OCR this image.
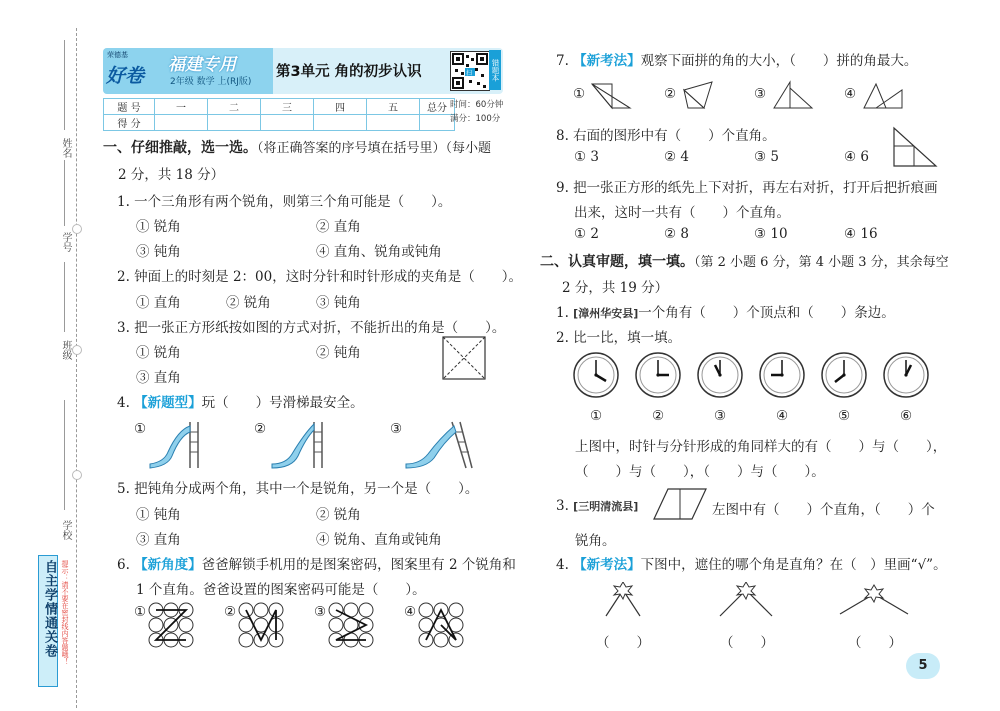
姓名
学号
班级
学校
自主学情通关卷 提示：请不要在密封线内答题哦！
荣德基
好卷 福建专用
2年级 数学 上(RJ版)
第3单元 角的初步认识	扫	错题本
题 号	一	二	三	四	五	总分
得 分						
时间：60分钟
满分：100分
一、仔细推敲，选一选。（将正确答案的序号填在括号里）（每小题
2 分，共 18 分）
1. 一个三角形有两个锐角，则第三个角可能是（　　）。
① 锐角	② 直角
③ 钝角	④ 直角、锐角或钝角
2. 钟面上的时刻是 2：00，这时分针和时针形成的夹角是（　　）。
① 直角	② 锐角	③ 钝角
3. 把一张正方形纸按如图的方式对折，不能折出的角是（　　）。
① 锐角	② 钝角
③ 直角
4. 【新题型】玩（　　）号滑梯最安全。
①	②	③
5. 把钝角分成两个角，其中一个是锐角，另一个是（　　）。
① 钝角	② 锐角
③ 直角	④ 锐角、直角或钝角
6. 【新角度】爸爸解锁手机用的是图案密码，图案里有 2 个锐角和
1 个直角。爸爸设置的图案密码可能是（　　）。
①	②	③	④
7. 【新考法】观察下面拼的角的大小，（　　）拼的角最大。
①	②	③	④
8. 右面的图形中有（　　）个直角。
① 3	② 4	③ 5	④ 6
9. 把一张正方形的纸先上下对折，再左右对折，打开后把折痕画
出来，这时一共有（　　）个直角。
① 2	② 8	③ 10	④ 16
二、认真审题，填一填。（第 2 小题 6 分，第 4 小题 3 分，其余每空
2 分，共 19 分）
1. [漳州华安县]一个角有（　　）个顶点和（　　）条边。
2. 比一比，填一填。
①	②	③	④	⑤	⑥
上图中，时针与分针形成的角同样大的有（　　）与（　　），
（　　）与（　　），（　　）与（　　）。
3. [三明清流县]	左图中有（　　）个直角，（　　）个
锐角。
4. 【新考法】下图中，遮住的哪个角是直角？在（　）里画“√”。
（　　）	（　　）	（　　）
5
